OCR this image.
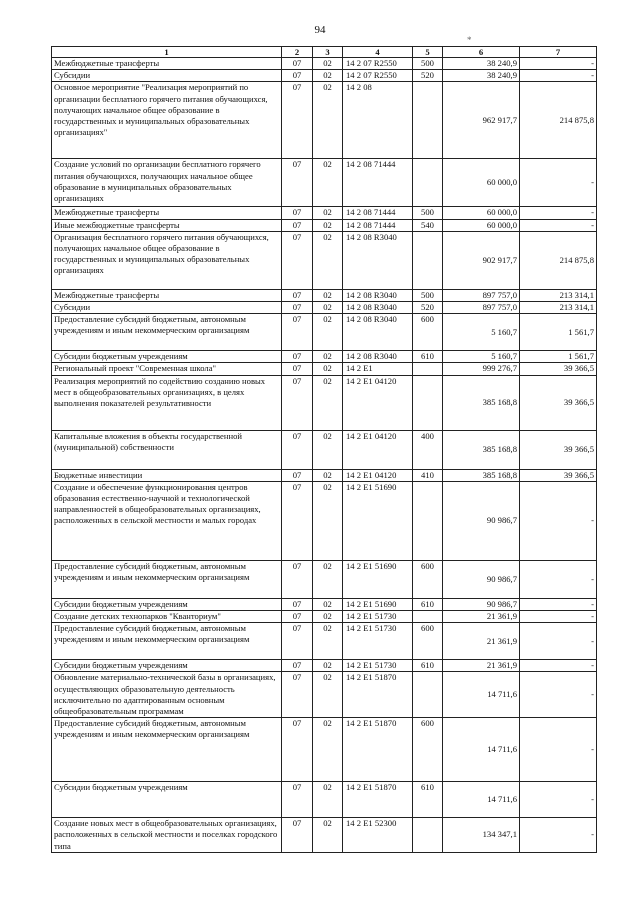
94
*
1	2	3	4	5	6	7
Межбюджетные трансферты	07	02	14 2 07 R2550	500	38 240,9	-
Субсидии	07	02	14 2 07 R2550	520	38 240,9	-
Основное мероприятие "Реализация мероприятий по организации бесплатного горячего питания обучающихся, получающих начальное общее образование в государственных и муниципальных образовательных организациях"	07	02	14 2 08		962 917,7	214 875,8
Создание условий по организации бесплатного горячего питания обучающихся, получающих начальное общее образование в муниципальных образовательных организациях	07	02	14 2 08 71444		60 000,0	-
Межбюджетные трансферты	07	02	14 2 08 71444	500	60 000,0	-
Иные межбюджетные трансферты	07	02	14 2 08 71444	540	60 000,0	-
Организация бесплатного горячего питания обучающихся, получающих начальное общее образование в государственных и муниципальных образовательных организациях	07	02	14 2 08 R3040		902 917,7	214 875,8
Межбюджетные трансферты	07	02	14 2 08 R3040	500	897 757,0	213 314,1
Субсидии	07	02	14 2 08 R3040	520	897 757,0	213 314,1
Предоставление субсидий бюджетным, автономным учреждениям и иным некоммерческим организациям	07	02	14 2 08 R3040	600	5 160,7	1 561,7
Субсидии бюджетным учреждениям	07	02	14 2 08 R3040	610	5 160,7	1 561,7
Региональный проект "Современная школа"	07	02	14 2 E1		999 276,7	39 366,5
Реализация мероприятий по содействию созданию новых мест в общеобразовательных организациях, в целях выполнения показателей результативности	07	02	14 2 E1 04120		385 168,8	39 366,5
Капитальные вложения в объекты государственной (муниципальной) собственности	07	02	14 2 E1 04120	400	385 168,8	39 366,5
Бюджетные инвестиции	07	02	14 2 E1 04120	410	385 168,8	39 366,5
Создание и обеспечение функционирования центров образования естественно-научной и технологической направленностей в общеобразовательных организациях, расположенных в сельской местности и малых городах	07	02	14 2 E1 51690		90 986,7	-
Предоставление субсидий бюджетным, автономным учреждениям и иным некоммерческим организациям	07	02	14 2 E1 51690	600	90 986,7	-
Субсидии бюджетным учреждениям	07	02	14 2 E1 51690	610	90 986,7	-
Создание детских технопарков "Кванториум"	07	02	14 2 E1 51730		21 361,9	-
Предоставление субсидий бюджетным, автономным учреждениям и иным некоммерческим организациям	07	02	14 2 E1 51730	600	21 361,9	-
Субсидии бюджетным учреждениям	07	02	14 2 E1 51730	610	21 361,9	-
Обновление материально-технической базы в организациях, осуществляющих образовательную деятельность исключительно по адаптированным основным общеобразовательным программам	07	02	14 2 E1 51870		14 711,6	-
Предоставление субсидий бюджетным, автономным учреждениям и иным некоммерческим организациям	07	02	14 2 E1 51870	600	14 711,6	-
Субсидии бюджетным учреждениям	07	02	14 2 E1 51870	610	14 711,6	-
Создание новых мест в общеобразовательных организациях, расположенных в сельской местности и поселках городского типа	07	02	14 2 E1 52300		134 347,1	-
